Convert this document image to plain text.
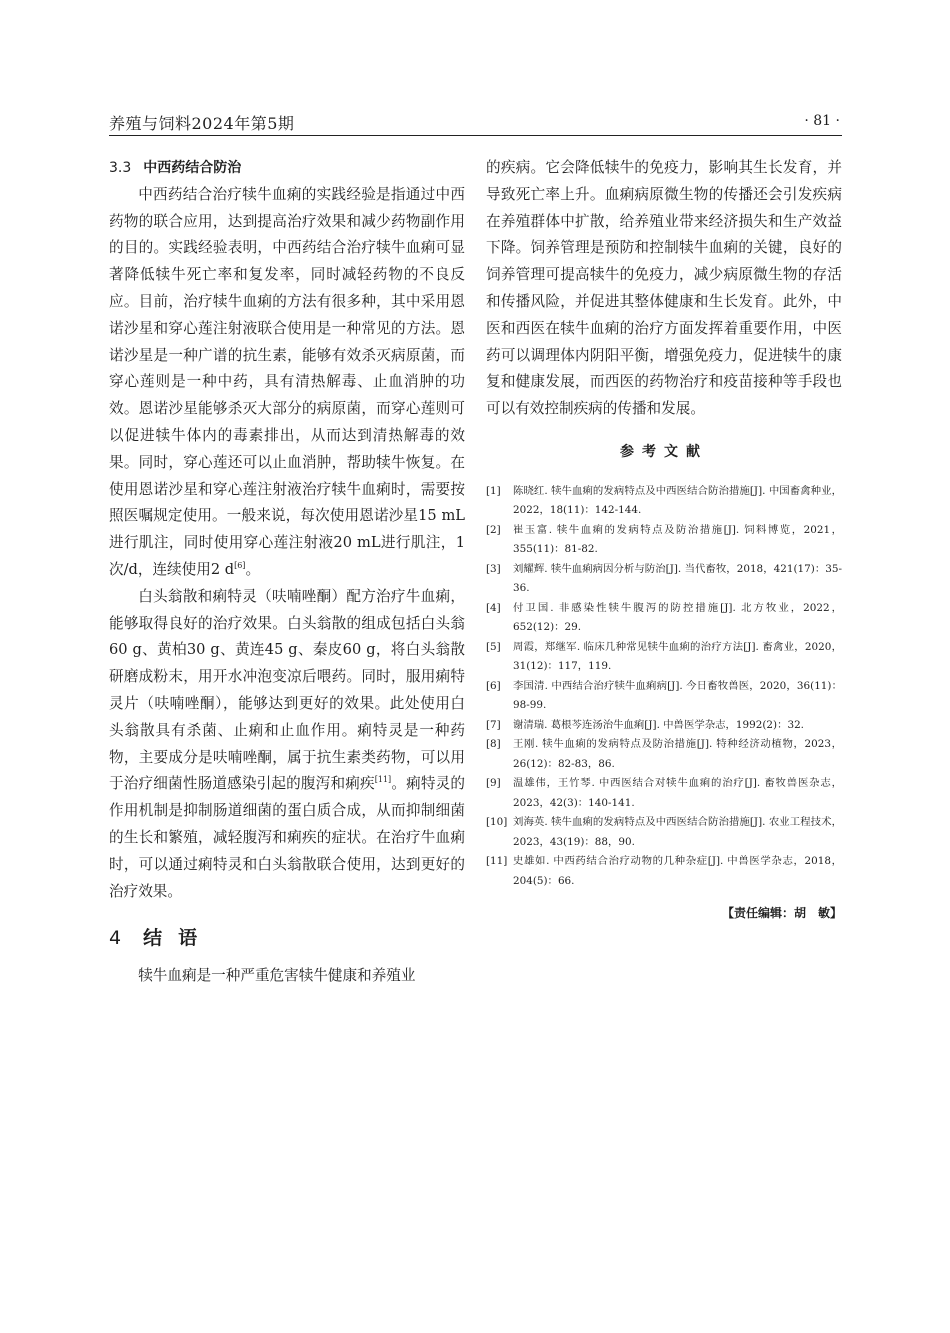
养殖与饲料2024年第5期	· 81 ·
3.3 中西药结合防治

中西药结合治疗犊牛血痢的实践经验是指通过中西药物的联合应用，达到提高治疗效果和减少药物副作用的目的。实践经验表明，中西药结合治疗犊牛血痢可显著降低犊牛死亡率和复发率，同时减轻药物的不良反应。目前，治疗犊牛血痢的方法有很多种，其中采用恩诺沙星和穿心莲注射液联合使用是一种常见的方法。恩诺沙星是一种广谱的抗生素，能够有效杀灭病原菌，而穿心莲则是一种中药，具有清热解毒、止血消肿的功效。恩诺沙星能够杀灭大部分的病原菌，而穿心莲则可以促进犊牛体内的毒素排出，从而达到清热解毒的效果。同时，穿心莲还可以止血消肿，帮助犊牛恢复。在使用恩诺沙星和穿心莲注射液治疗犊牛血痢时，需要按照医嘱规定使用。一般来说，每次使用恩诺沙星15 mL进行肌注，同时使用穿心莲注射液20 mL进行肌注，1次/d，连续使用2 d[6]。

白头翁散和痢特灵（呋喃唑酮）配方治疗牛血痢，能够取得良好的治疗效果。白头翁散的组成包括白头翁60 g、黄柏30 g、黄连45 g、秦皮60 g，将白头翁散研磨成粉末，用开水冲泡变凉后喂药。同时，服用痢特灵片（呋喃唑酮），能够达到更好的效果。此处使用白头翁散具有杀菌、止痢和止血作用。痢特灵是一种药物，主要成分是呋喃唑酮，属于抗生素类药物，可以用于治疗细菌性肠道感染引起的腹泻和痢疾[11]。痢特灵的作用机制是抑制肠道细菌的蛋白质合成，从而抑制细菌的生长和繁殖，减轻腹泻和痢疾的症状。在治疗牛血痢时，可以通过痢特灵和白头翁散联合使用，达到更好的治疗效果。

4 结语

犊牛血痢是一种严重危害犊牛健康和养殖业

的疾病。它会降低犊牛的免疫力，影响其生长发育，并导致死亡率上升。血痢病原微生物的传播还会引发疾病在养殖群体中扩散，给养殖业带来经济损失和生产效益下降。饲养管理是预防和控制犊牛血痢的关键，良好的饲养管理可提高犊牛的免疫力，减少病原微生物的存活和传播风险，并促进其整体健康和生长发育。此外，中医和西医在犊牛血痢的治疗方面发挥着重要作用，中医药可以调理体内阴阳平衡，增强免疫力，促进犊牛的康复和健康发展，而西医的药物治疗和疫苗接种等手段也可以有效控制疾病的传播和发展。

参考文献
[1]	陈晓红. 犊牛血痢的发病特点及中西医结合防治措施[J]. 中国畜禽种业，2022，18(11)：142-144.
[2]	崔玉富. 犊牛血痢的发病特点及防治措施[J]. 饲料博览，2021，355(11)：81-82.
[3]	刘耀辉. 犊牛血痢病因分析与防治[J]. 当代畜牧，2018，421(17)：35-36.
[4]	付卫国. 非感染性犊牛腹泻的防控措施[J]. 北方牧业，2022，652(12)：29.
[5]	周霞，郑继军. 临床几种常见犊牛血痢的治疗方法[J]. 畜禽业，2020，31(12)：117，119.
[6]	李国清. 中西结合治疗犊牛血痢病[J]. 今日畜牧兽医，2020，36(11)：98-99.
[7]	谢清瑞. 葛根芩连汤治牛血痢[J]. 中兽医学杂志，1992(2)：32.
[8]	王刚. 犊牛血痢的发病特点及防治措施[J]. 特种经济动植物，2023，26(12)：82-83，86.
[9]	温雄伟，王竹琴. 中西医结合对犊牛血痢的治疗[J]. 畜牧兽医杂志，2023，42(3)：140-141.
[10] 刘海英. 犊牛血痢的发病特点及中西医结合防治措施[J]. 农业工程技术，2023，43(19)：88，90.
[11] 史雄如. 中西药结合治疗动物的几种杂症[J]. 中兽医学杂志，2018，204(5)：66.
【责任编辑：胡　敏】
